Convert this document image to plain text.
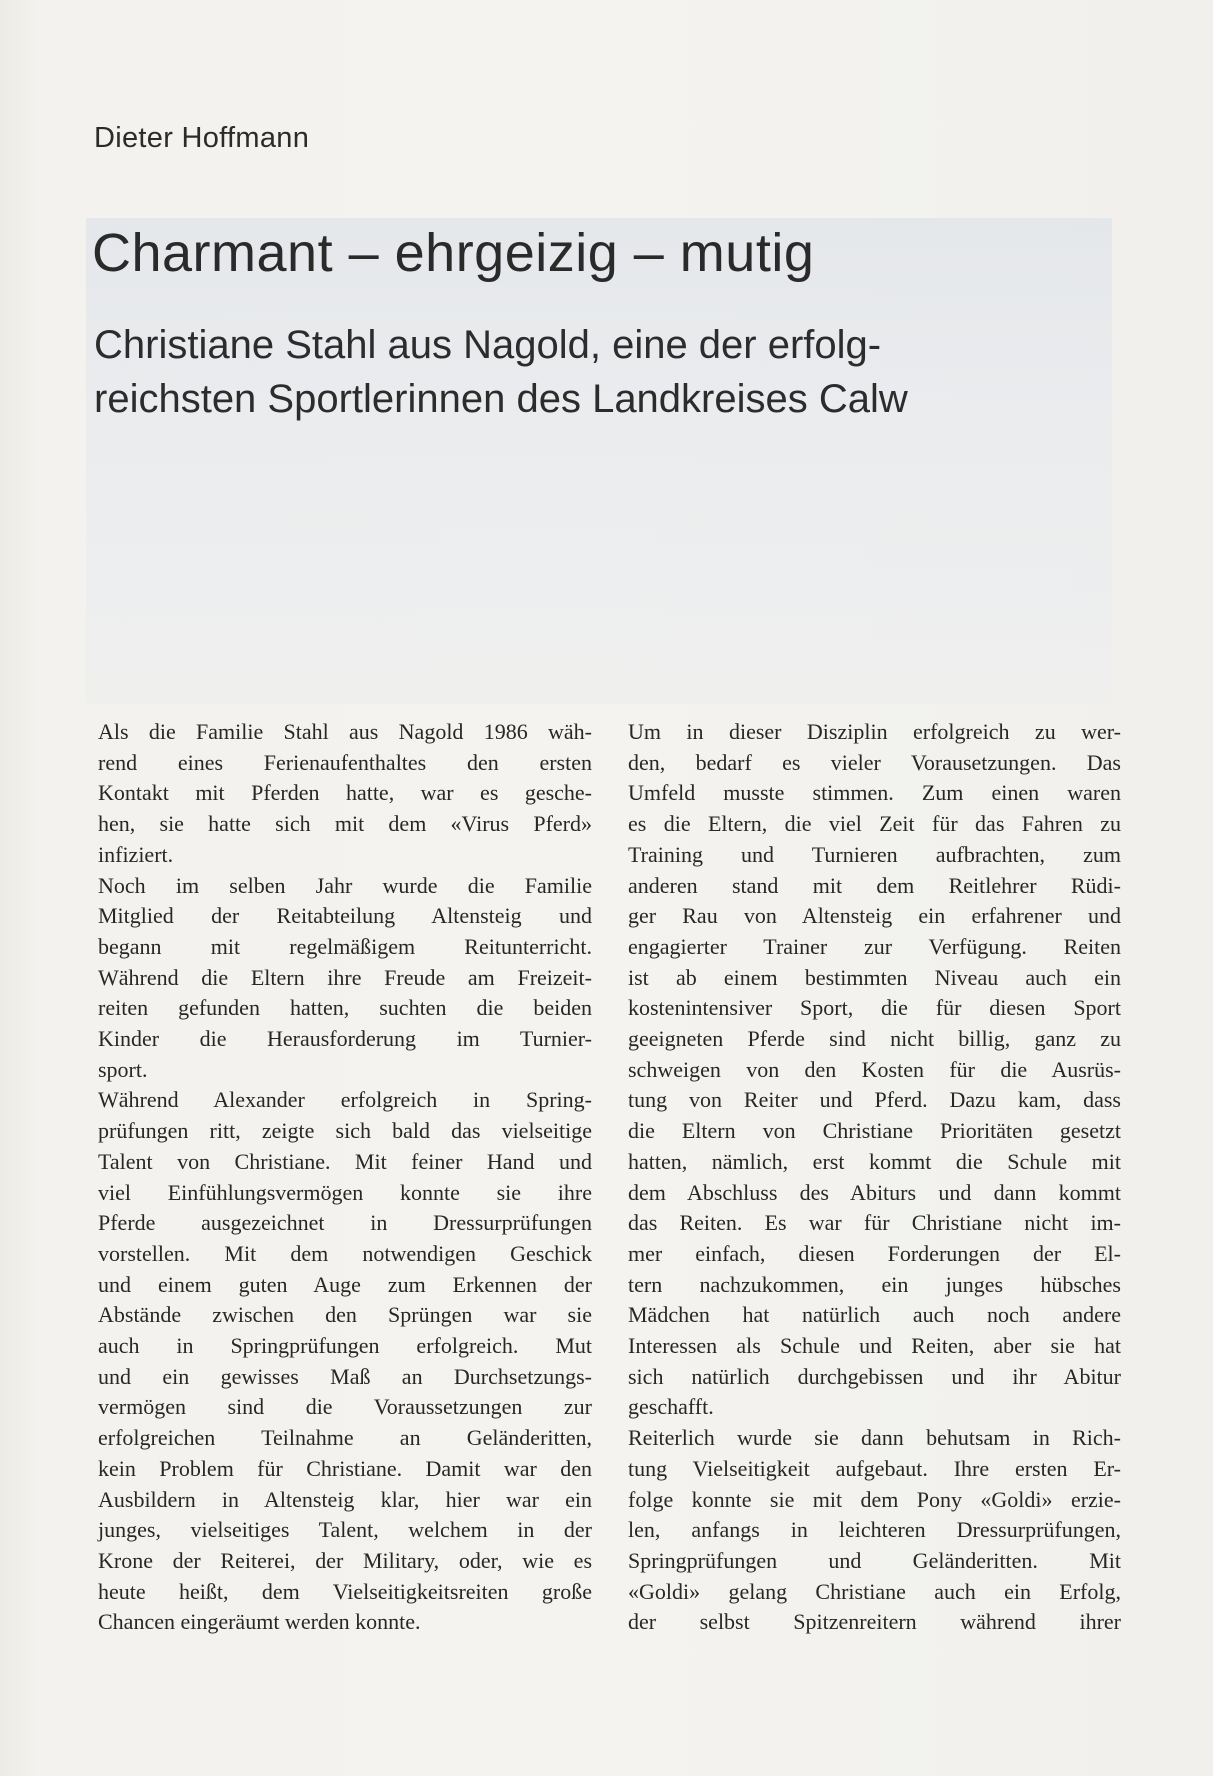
Dieter Hoffmann
Charmant – ehrgeizig – mutig
Christiane Stahl aus Nagold, eine der erfolg-
reichsten Sportlerinnen des Landkreises Calw
Als die Familie Stahl aus Nagold 1986 wäh-
rend eines Ferienaufenthaltes den ersten
Kontakt mit Pferden hatte, war es gesche-
hen, sie hatte sich mit dem «Virus Pferd»
infiziert.
Noch im selben Jahr wurde die Familie
Mitglied der Reitabteilung Altensteig und
begann mit regelmäßigem Reitunterricht.
Während die Eltern ihre Freude am Freizeit-
reiten gefunden hatten, suchten die beiden
Kinder die Herausforderung im Turnier-
sport.
Während Alexander erfolgreich in Spring-
prüfungen ritt, zeigte sich bald das vielseitige
Talent von Christiane. Mit feiner Hand und
viel Einfühlungsvermögen konnte sie ihre
Pferde ausgezeichnet in Dressurprüfungen
vorstellen. Mit dem notwendigen Geschick
und einem guten Auge zum Erkennen der
Abstände zwischen den Sprüngen war sie
auch in Springprüfungen erfolgreich. Mut
und ein gewisses Maß an Durchsetzungs-
vermögen sind die Voraussetzungen zur
erfolgreichen Teilnahme an Geländeritten,
kein Problem für Christiane. Damit war den
Ausbildern in Altensteig klar, hier war ein
junges, vielseitiges Talent, welchem in der
Krone der Reiterei, der Military, oder, wie es
heute heißt, dem Vielseitigkeitsreiten große
Chancen eingeräumt werden konnte.
Um in dieser Disziplin erfolgreich zu wer-
den, bedarf es vieler Vorausetzungen. Das
Umfeld musste stimmen. Zum einen waren
es die Eltern, die viel Zeit für das Fahren zu
Training und Turnieren aufbrachten, zum
anderen stand mit dem Reitlehrer Rüdi-
ger Rau von Altensteig ein erfahrener und
engagierter Trainer zur Verfügung. Reiten
ist ab einem bestimmten Niveau auch ein
kostenintensiver Sport, die für diesen Sport
geeigneten Pferde sind nicht billig, ganz zu
schweigen von den Kosten für die Ausrüs-
tung von Reiter und Pferd. Dazu kam, dass
die Eltern von Christiane Prioritäten gesetzt
hatten, nämlich, erst kommt die Schule mit
dem Abschluss des Abiturs und dann kommt
das Reiten. Es war für Christiane nicht im-
mer einfach, diesen Forderungen der El-
tern nachzukommen, ein junges hübsches
Mädchen hat natürlich auch noch andere
Interessen als Schule und Reiten, aber sie hat
sich natürlich durchgebissen und ihr Abitur
geschafft.
Reiterlich wurde sie dann behutsam in Rich-
tung Vielseitigkeit aufgebaut. Ihre ersten Er-
folge konnte sie mit dem Pony «Goldi» erzie-
len, anfangs in leichteren Dressurprüfungen,
Springprüfungen und Geländeritten. Mit
«Goldi» gelang Christiane auch ein Erfolg,
der selbst Spitzenreitern während ihrer
